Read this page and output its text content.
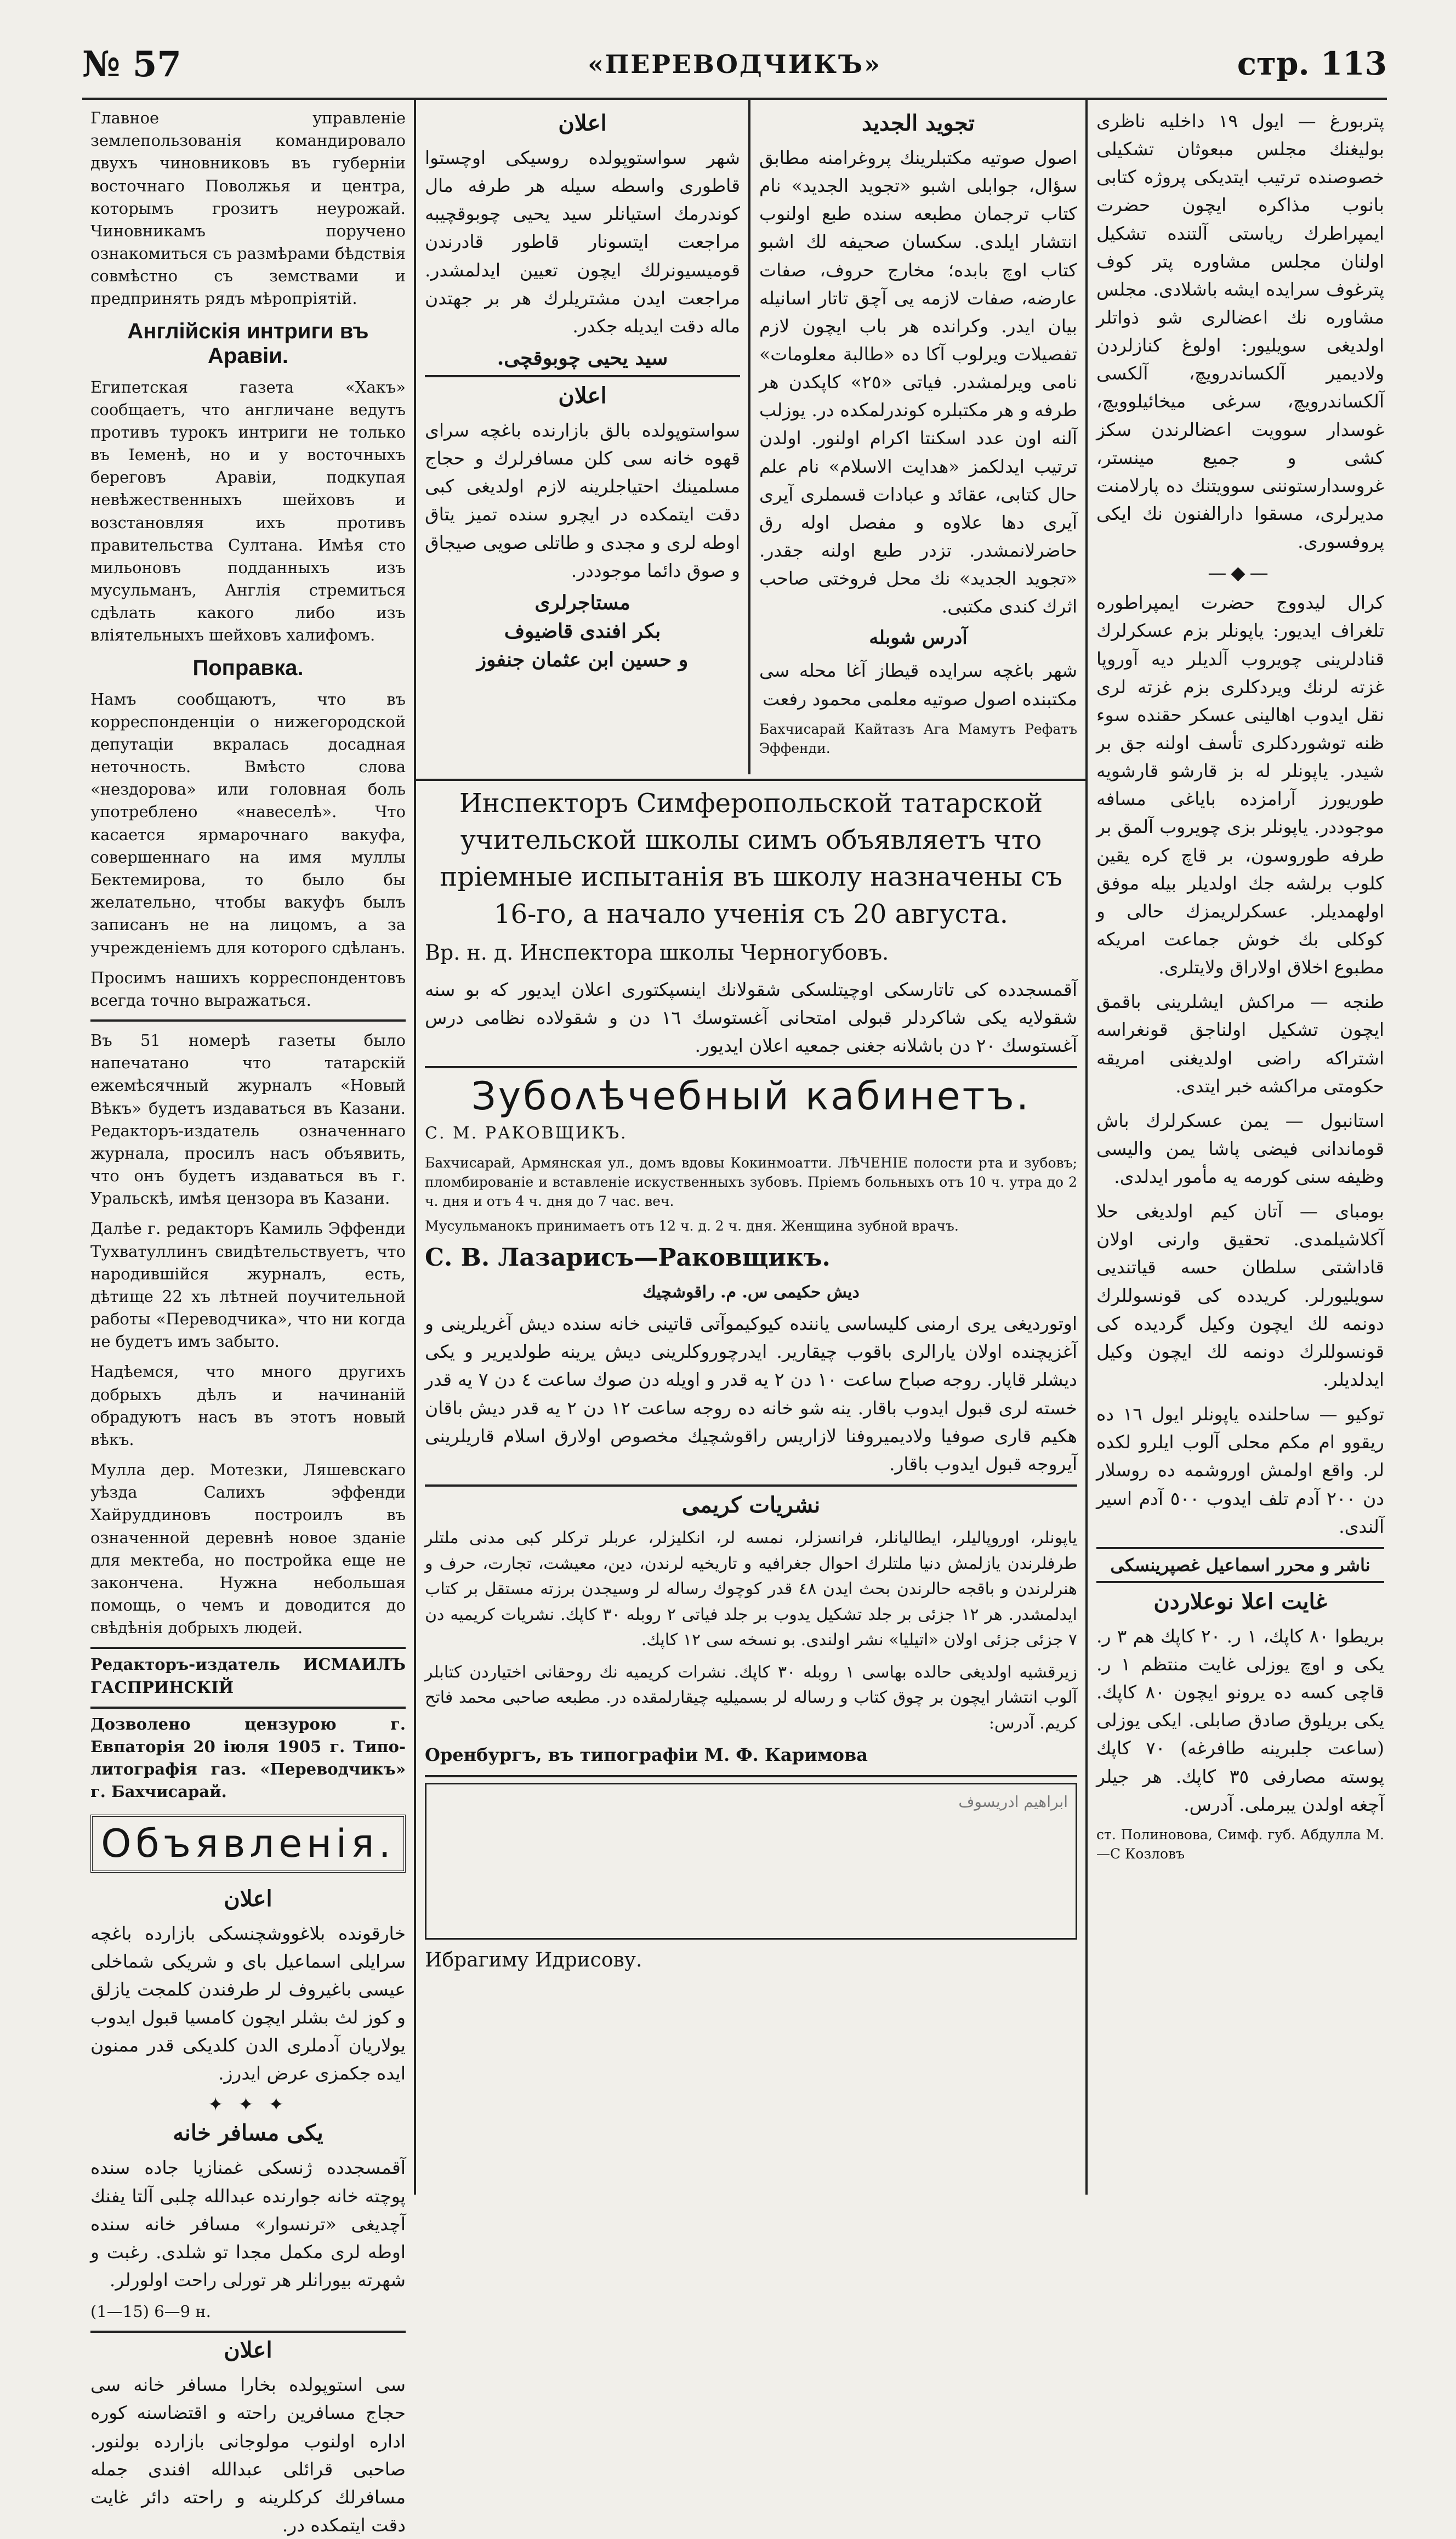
№ 57	«ПЕРЕВОДЧИКЪ»	стр. 113

Главное управленіе землепользованія командировало двухъ чиновниковъ въ губерніи восточнаго Поволжья и центра, которымъ грозитъ неурожай. Чиновникамъ поручено ознакомиться съ размѣрами бѣдствія совмѣстно съ земствами и предпринять рядъ мѣропріятій.

Англійскія интриги въ Аравіи.

Египетская газета «Хакъ» сообщаетъ, что англичане ведутъ противъ турокъ интриги не только въ Іеменѣ, но и у восточныхъ береговъ Аравіи, подкупая невѣжественныхъ шейховъ и возстановляя ихъ противъ правительства Султана. Имѣя сто мильоновъ подданныхъ изъ мусульманъ, Англія стремиться сдѣлать какого либо изъ влiятельныхъ шейховъ халифомъ.

Поправка.

Намъ сообщаютъ, что въ корреспонденціи о нижегородской депутаціи вкралась досадная неточность. Вмѣсто слова «нездорова» или головная боль употреблено «навеселѣ». Что касается ярмарочнаго вакуфа, совершеннаго на имя муллы Бектемирова, то было бы желательно, чтобы вакуфъ былъ записанъ не на лицомъ, а за учрежденіемъ для которого сдѣланъ.

Просимъ нашихъ корреспондентовъ всегда точно выражаться.

Въ 51 номерѣ газеты было напечатано что татарскій ежемѣсячный журналъ «Новый Вѣкъ» будетъ издаваться въ Казани. Редакторъ-издатель означеннаго журнала, просилъ насъ объявить, что онъ будетъ издаваться въ г. Уральскѣ, имѣя цензора въ Казани.

Далѣе г. редакторъ Камиль Эффенди Тухватуллинъ свидѣтельствуетъ, что народившійся журналъ, есть, дѣтище 22 хъ лѣтней поучительной работы «Переводчика», что ни когда не будетъ имъ забыто.

Надѣемся, что много другихъ добрыхъ дѣлъ и начинаній обрадуютъ насъ въ этотъ новый вѣкъ.

Мулла дер. Мотезки, Ляшевскаго уѣзда Салихъ эффенди Хайруддиновъ построилъ въ означенной деревнѣ новое зданіе для мектеба, но постройка еще не закончена. Нужна небольшая помощь, о чемъ и доводится до свѣдѣнія добрыхъ людей.

Редакторъ-издатель ИСМАИЛЪ ГАСПРИНСКІЙ

Дозволено цензурою г. Евпаторія 20 іюля 1905 г. Типо-литографія газ. «Переводчикъ» г. Бахчисарай.

Объявленія.
اعلان

خارقونده بلاغووشچنسکی بازارده باغچه سرایلی اسماعیل بای و شریکی شماخلی عیسی باغیروف لر طرفندن کلمجت یازلق و کوز لث بشلر ایچون کامسیا قبول ایدوب یولاریان آدملری الدن کلدیکی قدر ممنون ایده جکمزی عرض ایدرز.

✦ ✦ ✦
یکی مسافر خانه

آقمسجدده ژنسکی غمنازیا جاده سنده پوچته خانه جوارنده عبدالله چلبی آلتا یفنك آچدیغی «ترنسوار» مسافر خانه سنده اوطه لری مکمل مجدا تو شلدی. رغبت و شهرته بیورانلر هر تورلی راحت اولورلر.

(1—15) 6—9 н.

اعلان

سی استوپولده بخارا مسافر خانه سی حجاج مسافرین راحته و اقتضاسنه کوره اداره اولنوب مولوجانی بازارده بولنور. صاحبی قرائلی عبدالله افندی جمله مسافرلك کرکلرینه و راحته دائر غایت دقت ایتمکده در.

اعلان

شهر سواستوپولده روسیکی اوچستوا قاطوری واسطه سیله هر طرفه مال کوندرمك استیانلر سید یحیی چوبوقچیبه مراجعت ایتسونار قاطور قادرندن قومیسیونرلك ایچون تعیین ایدلمشدر. مراجعت ایدن مشتریلرك هر بر جهتدن ماله دقت ایدیله جکدر.

سید یحیی چوبوقچی.
اعلان

سواستوپولده بالق بازارنده باغچه سرای قهوه خانه سی کلن مسافرلرك و حجاج مسلمینك احتیاجلرینه لازم اولدیغی کبی دقت ایتمکده در ایچرو سنده تمیز یتاق اوطه لری و مجدی و طاتلی صویی صیجاق و صوق دائما موجوددر.

مستاجرلری
بکر افندی قاضیوف
و حسین ابن عثمان جنفوز
تجوید الجدید

اصول صوتیه مکتبلرینك پروغرامنه مطابق سؤال، جوابلی اشبو «تجوید الجدید» نام کتاب ترجمان مطبعه سنده طبع اولنوب انتشار ایلدی. سکسان صحیفه لك اشبو کتاب اوچ بابده؛ مخارج حروف، صفات عارضه، صفات لازمه یی آچق تاتار اسانیله بیان ایدر. وکرانده هر باب ایچون لازم تفصیلات ویرلوب آکا ده «طالبة معلومات» نامی ویرلمشدر. فیاتی «٢٥» کاپکدن هر طرفه و هر مکتبلره کوندرلمکده در. یوزلب آلنه اون عدد اسکنتا اکرام اولنور. اولدن ترتیب ایدلکمز «هدایت الاسلام» نام علم حال کتابی، عقائد و عبادات قسملری آیری آیری دها علاوه و مفصل اوله رق حاضرلانمشدر. تزدر طبع اولنه جقدر. «تجوید الجدید» نك محل فروختی صاحب اثرك کندی مکتبی.

آدرس شوبله

شهر باغچه سرایده قیطاز آغا محله سی مکتبنده اصول صوتیه معلمی محمود رفعت

Бахчисарай Кайтазъ Ага Мамутъ Рефатъ Эффенди.

Инспекторъ Симферопольской татарской учительской школы симъ объявляетъ что пріемные испытанія въ школу назначены съ 16-го, а начало ученія съ 20 августа.

Вр. н. д. Инспектора школы Черногубовъ.

آقمسجدده کی تاتارسکی اوچیتلسکی شقولانك اینسپکتوری اعلان ایدیور که بو سنه شقولایه یکی شاکردلر قبولی امتحانی آغستوسك ١٦ دن و شقولاده نظامی درس آغستوسك ٢٠ دن باشلانه جغنی جمعیه اعلان ایدیور.

Зубоʌѣчебный кабинетъ.

С. М. РАКОВЩИКЪ.

Бахчисарай, Армянская ул., домъ вдовы Кокинмоатти. ЛѢЧЕНІЕ полости рта и зубовъ; пломбированіе и вставленіе искуственныхъ зубовъ. Пріемъ больныхъ отъ 10 ч. утра до 2 ч. дня и отъ 4 ч. дня до 7 час. веч.

Мусульманокъ принимаетъ отъ 12 ч. д. 2 ч. дня. Женщина зубной врачъ.

С. В. Лазарисъ—Раковщикъ.

دیش حکیمی س. م. راقوشچیك

اوتوردیغی یری ارمنی کلیساسی یاننده کیوکیموآتی قاتینی خانه سنده دیش آغریلرینی و آغزیچنده اولان یارالری باقوب چیقاریر. ایدرچوروکلرینی دیش یرینه طولدیریر و یکی دیشلر قاپار. روجه صباح ساعت ١٠ دن ٢ یه قدر و اویله دن صوك ساعت ٤ دن ٧ یه قدر خسته لری قبول ایدوب باقار. ینه شو خانه ده روجه ساعت ١٢ دن ٢ یه قدر دیش باقان هکیم قاری صوفیا ولادیمیروفنا لازاریس راقوشچیك مخصوص اولارق اسلام قاریلرینی آیروجه قبول ایدوب باقار.

نشریات کریمی

یاپونلر، اوروپالیلر، ایطالیانلر، فرانسزلر، نمسه لر، انکلیزلر، عربلر ترکلر کبی مدنی ملتلر طرفلرندن یازلمش دنیا ملتلرك احوال جغرافیه و تاریخیه لرندن، دین، معیشت، تجارت، حرف و هنرلرندن و باقجه حالرندن بحث ایدن ٤٨ قدر کوچوك رساله لر وسیجدن برزته مستقل بر کتاب ایدلمشدر. هر ١٢ جزئی بر جلد تشکیل یدوب بر جلد فیاتی ٢ روبله ٣٠ کاپك. نشریات کریمیه دن ٧ جزئی جزئی اولان «اتیلیا» نشر اولندی. بو نسخه سی ١٢ کاپك.

زیرقشیه اولدیغی حالده بهاسی ١ روبله ٣٠ کاپك. نشرات کریمیه نك روحقانی اختیاردن کتابلر آلوب انتشار ایچون بر چوق کتاب و رساله لر بسمیلیه چیقارلمقده در. مطبعه صاحبی محمد فاتح کریم. آدرس:

Оренбургъ, въ типографіи М. Ф. Каримова

ابراهیم ادریسوف

Ибрагиму Идрисову.

پتربورغ — ایول ١٩ داخلیه ناظری بولیغنك مجلس مبعوثان تشکیلی خصوصنده ترتیب ایتدیکی پروژه کتابی بانوب مذاکره ایچون حضرت ایمپراطرك ریاستی آلتنده تشکیل اولنان مجلس مشاوره پتر کوف پترغوف سرایده ایشه باشلادی. مجلس مشاوره نك اعضالری شو ذواتلر اولدیغی سویلیور: اولوغ کنازلردن ولادیمیر آلکساندرویچ، آلکسی آلکساندرویچ، سرغی میخائیلوویچ، غوسدار سوویت اعضالرندن سکز کشی و جمیع مینستر، غروسدارستوننی سوویتنك ده پارلامنت مدیرلری، مسقوا دارالفنون نك ایکی پروفسوری.

—◆—

کرال لیدووج حضرت ایمپراطوره تلغراف ایدیور: یاپونلر بزم عسکرلرك قنادلرینی چویروب آلدیلر دیه آوروپا غزته لرنك ویردکلری بزم غزته لری نقل ایدوب اهالینی عسکر حقنده سوء ظنه توشوردکلری تأسف اولنه جق بر شیدر. یاپونلر له بز قارشو قارشویه طوریورز آرامزده بایاغی مسافه موجوددر. یاپونلر بزی چویروب آلمق بر طرفه طوروسون، بر قاچ کره یقین کلوب برلشه جك اولدیلر بیله موفق اولهمدیلر. عسکرلریمزك حالی و کوکلی بك خوش جماعت امریکه مطبوع اخلاق اولاراق ولایتلری.

طنجه — مراکش ایشلرینی باقمق ایچون تشکیل اولناجق قونغراسه اشتراکه راضی اولدیغنی امریقه حکومتی مراکشه خبر ایتدی.

استانبول — یمن عسکرلرك باش قوماندانی فیضی پاشا یمن والیسی وظیفه سنی کورمه یه مأمور ایدلدی.

بومبای — آتان کیم اولدیغی حلا آکلاشیلمدی. تحقیق وارنی اولان قاداشتی سلطان حسه قیاتندیی سویلیورلر. کریدده کی قونسوللرك دونمه لك ایچون وکیل گردیده کی قونسوللرك دونمه لك ایچون وکیل ایدلدیلر.

توکیو — ساحلنده یاپونلر ایول ١٦ ده ریقوو ام مکم محلی آلوب ایلرو لکده لر. واقع اولمش اوروشمه ده روسلار دن ٢٠٠ آدم تلف ایدوب ٥٠٠ آدم اسیر آلندی.

ناشر و محرر اسماعیل غصپرینسکی
غایت اعلا نوعلاردن

بریطوا ٨٠ کاپك، ١ ر. ٢٠ کاپك هم ٣ ر. یکی و اوچ یوزلی غایت منتظم ١ ر. قاچی کسه ده یرونو ایچون ٨٠ کاپك. یکی بریلوق صادق صابلی. ایکی یوزلی (ساعت جلبرینه طافرغه) ٧٠ کاپك پوسته مصارفی ٣٥ کاپك. هر جیلر آچغه اولدن یبرملی. آدرس.

ст. Полиновова, Симф. губ. Абдулла М.—С Козловъ
